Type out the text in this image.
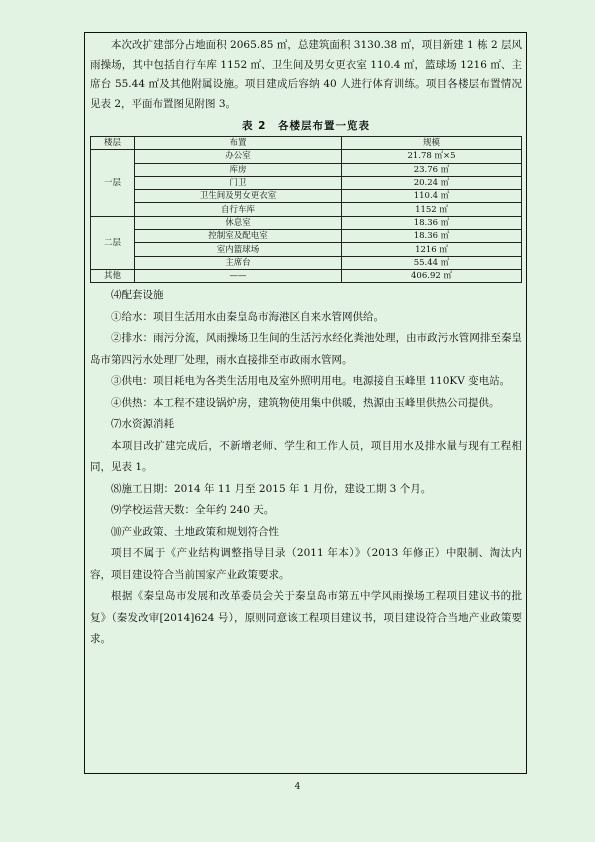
本次改扩建部分占地面积 2065.85 ㎡，总建筑面积 3130.38 ㎡，项目新建 1 栋 2 层风雨操场，其中包括自行车库 1152 ㎡、卫生间及男女更衣室 110.4 ㎡，篮球场 1216 ㎡、主席台 55.44 ㎡及其他附属设施。项目建成后容纳 40 人进行体育训练。项目各楼层布置情况见表 2，平面布置图见附图 3。

表 2　各楼层布置一览表
楼层	布置	规模
一层	办公室	21.78 ㎡×5
	库房	23.76 ㎡
	门卫	20.24 ㎡
	卫生间及男女更衣室	110.4 ㎡
	自行车库	1152 ㎡
二层	休息室	18.36 ㎡
	控制室及配电室	18.36 ㎡
	室内篮球场	1216 ㎡
	主席台	55.44 ㎡
其他	——	406.92 ㎡

⑷配套设施

①给水：项目生活用水由秦皇岛市海港区自来水管网供给。

②排水：雨污分流，风雨操场卫生间的生活污水经化粪池处理，由市政污水管网排至秦皇岛市第四污水处理厂处理，雨水直接排至市政雨水管网。

③供电：项目耗电为各类生活用电及室外照明用电。电源接自玉峰里 110KV 变电站。

④供热：本工程不建设锅炉房，建筑物使用集中供暖，热源由玉峰里供热公司提供。

⑺水资源消耗

本项目改扩建完成后，不新增老师、学生和工作人员，项目用水及排水量与现有工程相同，见表 1。

⑻施工日期：2014 年 11 月至 2015 年 1 月份，建设工期 3 个月。

⑼学校运营天数：全年约 240 天。

⑽产业政策、土地政策和规划符合性

项目不属于《产业结构调整指导目录（2011 年本）》（2013 年修正）中限制、淘汰内容，项目建设符合当前国家产业政策要求。

根据《秦皇岛市发展和改革委员会关于秦皇岛市第五中学风雨操场工程项目建议书的批复》（秦发改审[2014]624 号），原则同意该工程项目建议书，项目建设符合当地产业政策要求。

4
